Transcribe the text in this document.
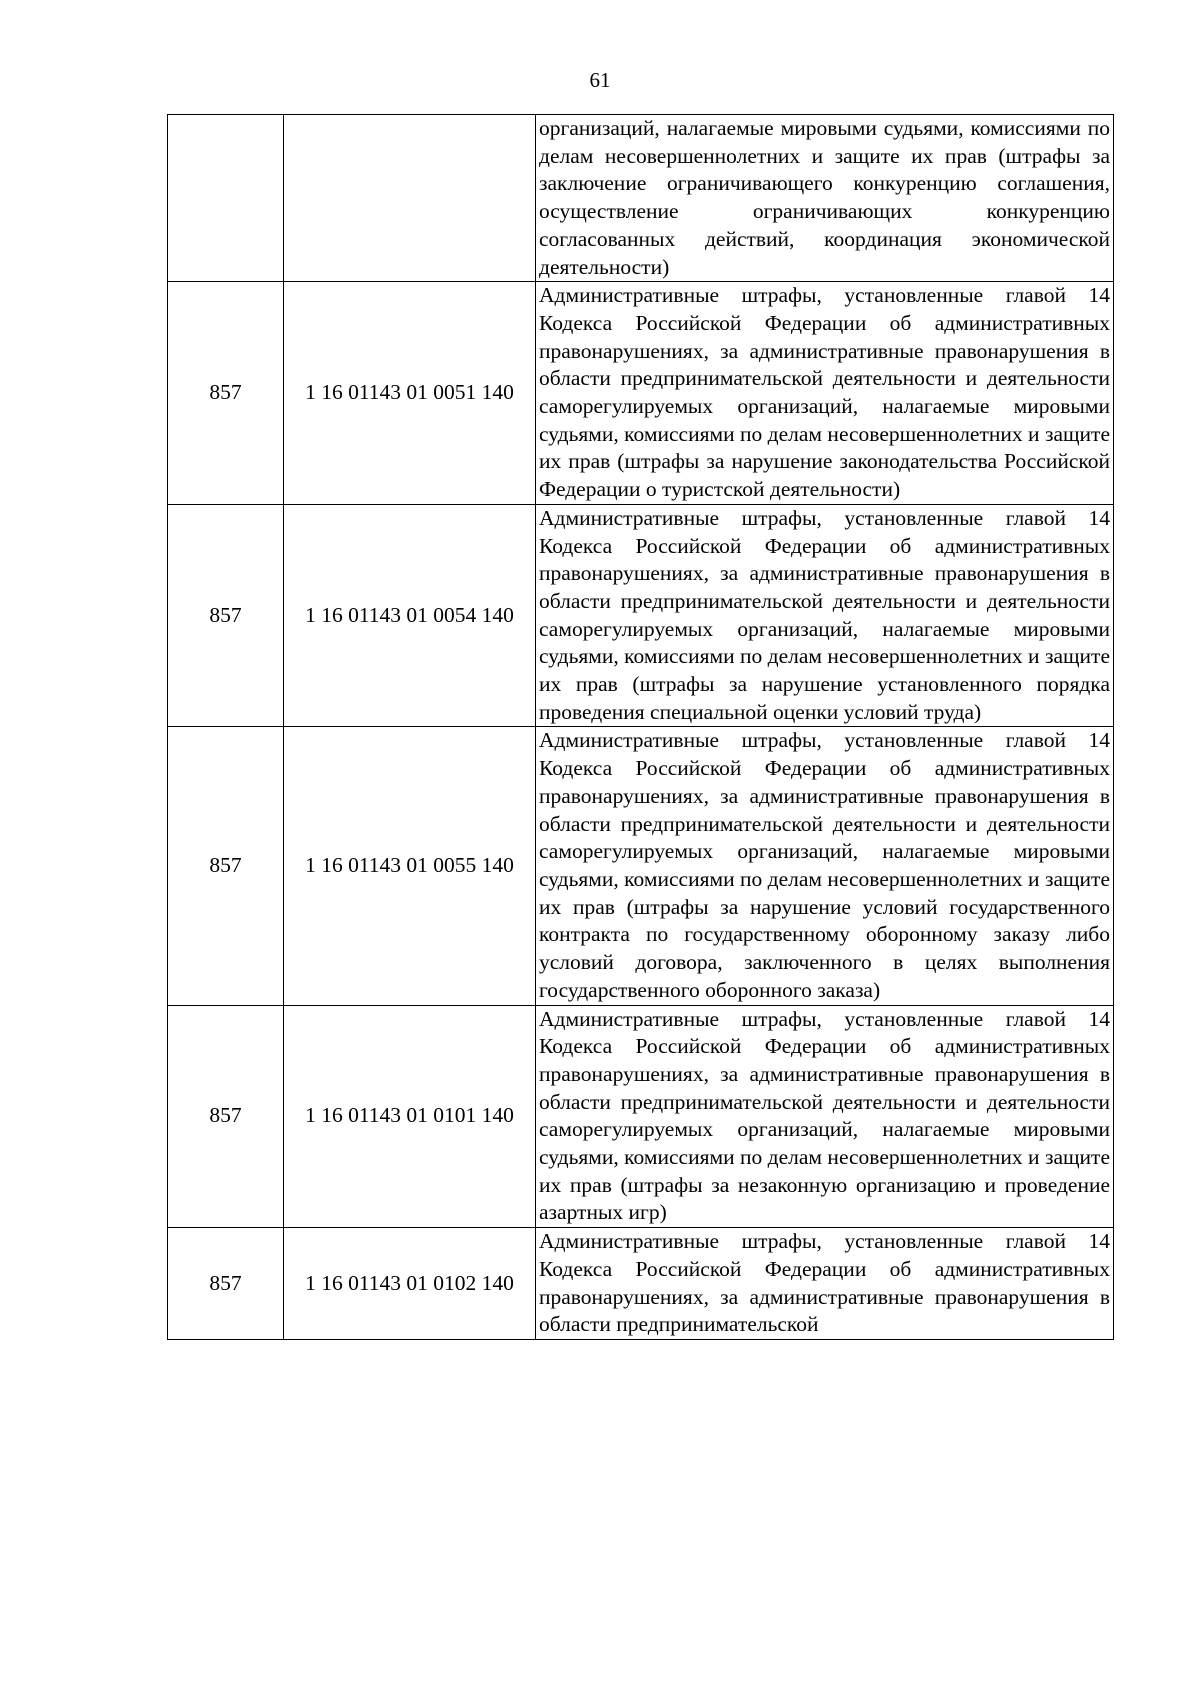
61
		организаций, налагаемые мировыми судьями, комиссиями по делам несовершеннолетних и защите их прав (штрафы за заключение ограничивающего конкуренцию соглашения, осуществление ограничивающих конкуренцию согласованных действий, координация экономической деятельности)
857	1 16 01143 01 0051 140	Административные штрафы, установленные главой 14 Кодекса Российской Федерации об административных правонарушениях, за административные правонарушения в области предпринимательской деятельности и деятельности саморегулируемых организаций, налагаемые мировыми судьями, комиссиями по делам несовершеннолетних и защите их прав (штрафы за нарушение законодательства Российской Федерации о туристской деятельности)
857	1 16 01143 01 0054 140	Административные штрафы, установленные главой 14 Кодекса Российской Федерации об административных правонарушениях, за административные правонарушения в области предпринимательской деятельности и деятельности саморегулируемых организаций, налагаемые мировыми судьями, комиссиями по делам несовершеннолетних и защите их прав (штрафы за нарушение установленного порядка проведения специальной оценки условий труда)
857	1 16 01143 01 0055 140	Административные штрафы, установленные главой 14 Кодекса Российской Федерации об административных правонарушениях, за административные правонарушения в области предпринимательской деятельности и деятельности саморегулируемых организаций, налагаемые мировыми судьями, комиссиями по делам несовершеннолетних и защите их прав (штрафы за нарушение условий государственного контракта по государственному оборонному заказу либо условий договора, заключенного в целях выполнения государственного оборонного заказа)
857	1 16 01143 01 0101 140	Административные штрафы, установленные главой 14 Кодекса Российской Федерации об административных правонарушениях, за административные правонарушения в области предпринимательской деятельности и деятельности саморегулируемых организаций, налагаемые мировыми судьями, комиссиями по делам несовершеннолетних и защите их прав (штрафы за незаконную организацию и проведение азартных игр)
857	1 16 01143 01 0102 140	Административные штрафы, установленные главой 14 Кодекса Российской Федерации об административных правонарушениях, за административные правонарушения в области предпринимательской
